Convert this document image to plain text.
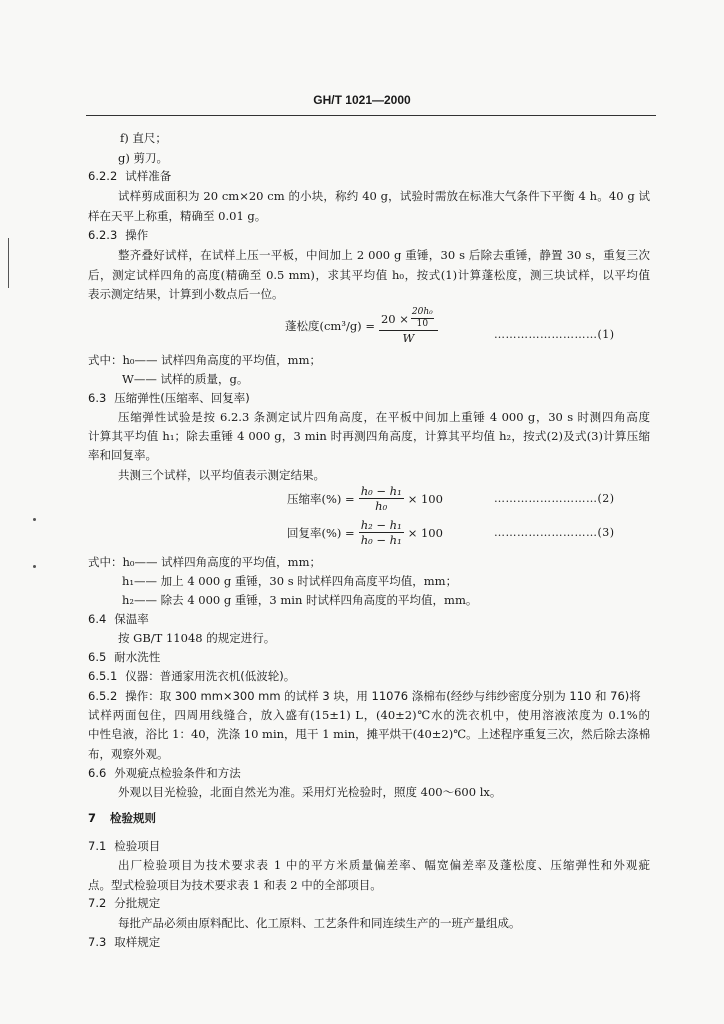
GH/T 1021—2000
f) 直尺；
g) 剪刀。
6.2.2 试样准备
试样剪成面积为 20 cm×20 cm 的小块，称约 40 g，试验时需放在标准大气条件下平衡 4 h。40 g 试
样在天平上称重，精确至 0.01 g。
6.2.3 操作
整齐叠好试样，在试样上压一平板，中间加上 2 000 g 重锤，30 s 后除去重锤，静置 30 s，重复三次
后，测定试样四角的高度(精确至 0.5 mm)，求其平均值 h₀，按式(1)计算蓬松度，测三块试样，以平均值
表示测定结果，计算到小数点后一位。
蓬松度$(cm^3/g) = \frac{20 \times \frac{\text{20h₀}}{10}}{W}$	………………………(1)
式中：h₀—— 试样四角高度的平均值，mm；
W—— 试样的质量，g。
6.3 压缩弹性(压缩率、回复率)
压缩弹性试验是按 6.2.3 条测定试片四角高度，在平板中间加上重锤 4 000 g，30 s 时测四角高度
计算其平均值 h₁；除去重锤 4 000 g，3 min 时再测四角高度，计算其平均值 h₂，按式(2)及式(3)计算压缩
率和回复率。
共测三个试样，以平均值表示测定结果。
压缩率(%) = $\frac{\text{h₀ − h₁}}{\text{h₀}} \times 100$	………………………(2)
回复率(%) = $\frac{\text{h₂ − h₁}}{\text{h₀ − h₁}} \times 100$	………………………(3)
式中：h₀—— 试样四角高度的平均值，mm；
h₁—— 加上 4 000 g 重锤，30 s 时试样四角高度平均值，mm；
h₂—— 除去 4 000 g 重锤，3 min 时试样四角高度的平均值，mm。
6.4 保温率
按 GB/T 11048 的规定进行。
6.5 耐水洗性
6.5.1 仪器：普通家用洗衣机(低波轮)。
6.5.2 操作：取 300 mm×300 mm 的试样 3 块，用 11076 涤棉布(经纱与纬纱密度分别为 110 和 76)将
试样两面包住，四周用线缝合，放入盛有(15±1) L，(40±2)℃水的洗衣机中，使用溶液浓度为 0.1%的
中性皂液，浴比 1：40，洗涤 10 min，甩干 1 min，摊平烘干(40±2)℃。上述程序重复三次，然后除去涤棉
布，观察外观。
6.6 外观疵点检验条件和方法
外观以目光检验，北面自然光为准。采用灯光检验时，照度 400～600 lx。
7 检验规则
7.1 检验项目
出厂检验项目为技术要求表 1 中的平方米质量偏差率、幅宽偏差率及蓬松度、压缩弹性和外观疵
点。型式检验项目为技术要求表 1 和表 2 中的全部项目。
7.2 分批规定
每批产品必须由原料配比、化工原料、工艺条件和同连续生产的一班产量组成。
7.3 取样规定
